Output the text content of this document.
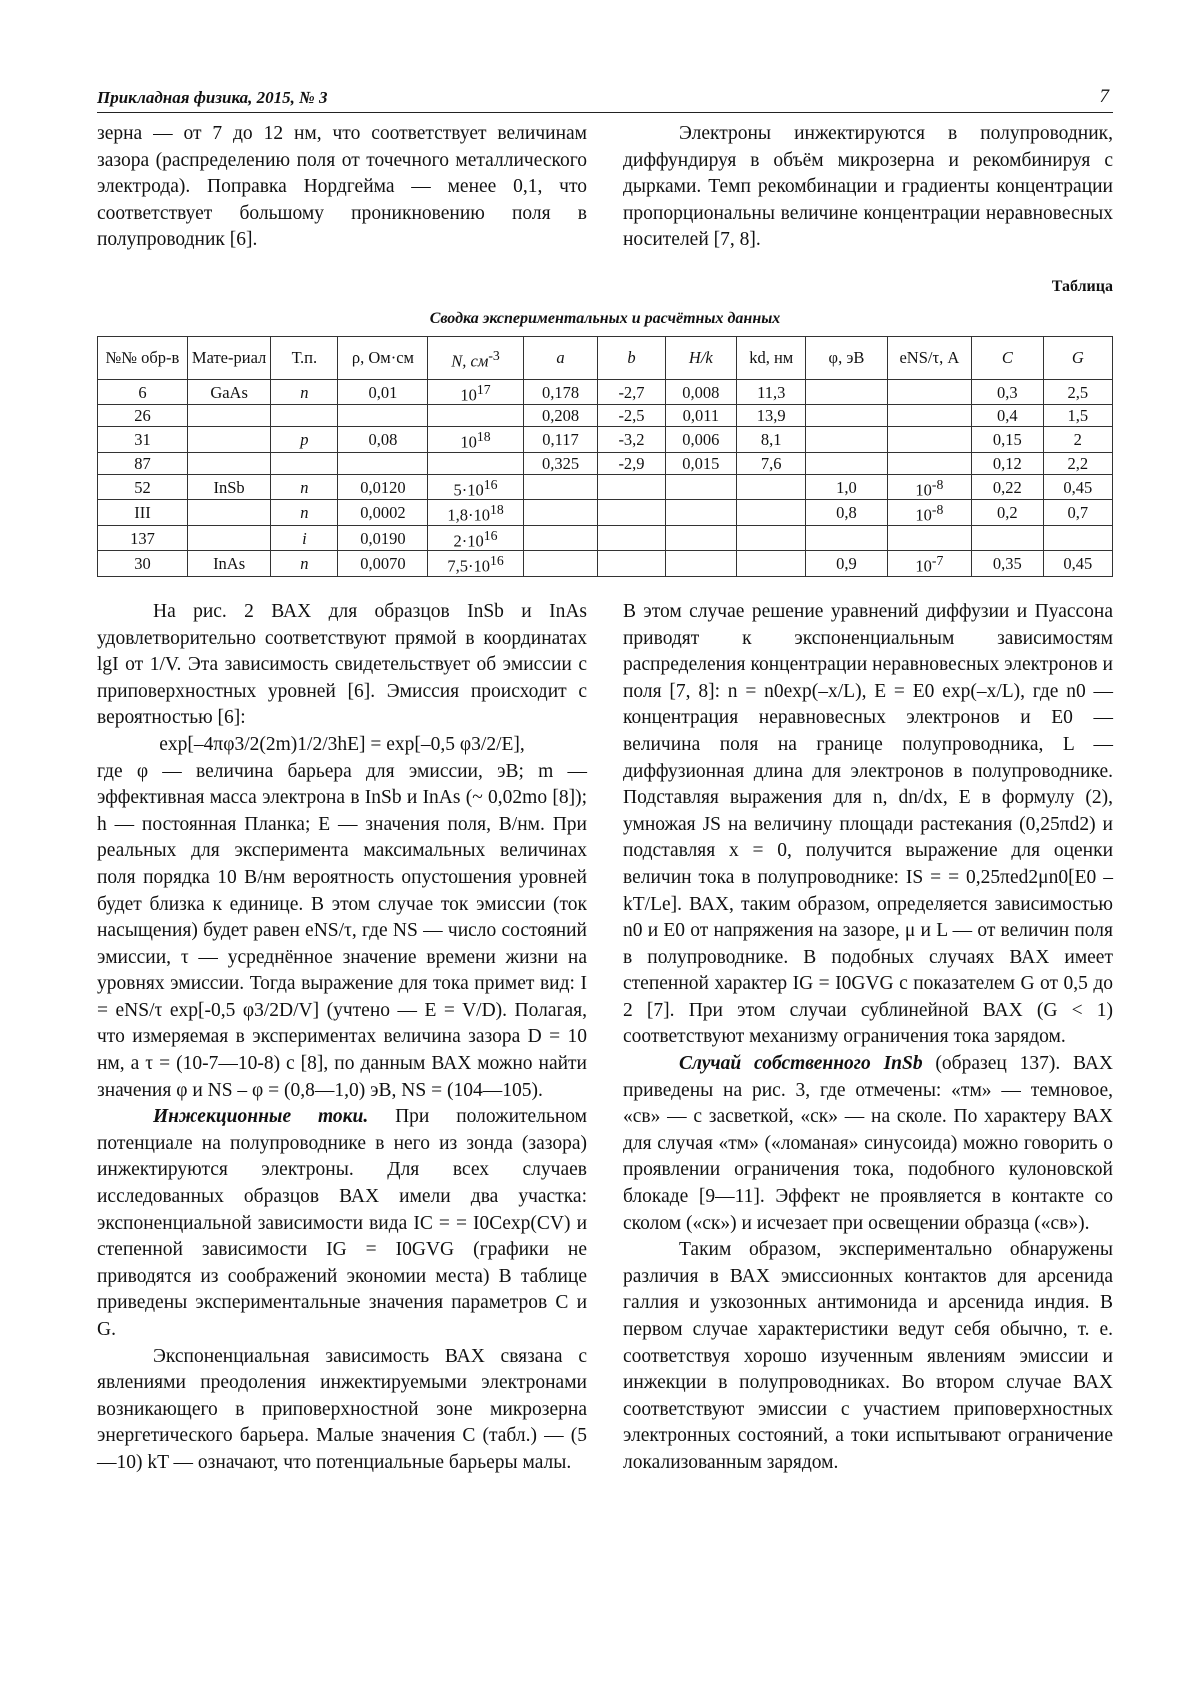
Прикладная физика, 2015, № 3	7

зерна — от 7 до 12 нм, что соответствует величинам зазора (распределению поля от точечного металлического электрода). Поправка Нордгейма — менее 0,1, что соответствует большому проникновению поля в полупроводник [6].

Электроны инжектируются в полупроводник, диффундируя в объём микрозерна и рекомбинируя с дырками. Темп рекомбинации и градиенты концентрации пропорциональны величине концентрации неравновесных носителей [7, 8].

Таблица
Сводка экспериментальных и расчётных данных
№№ обр-в	Мате-риал	Т.п.	ρ, Ом·см	N, $см^{-3}$	a	b	H/k	kd, нм	φ, эВ	eNS/τ, А	C	G
6	GaAs	n	0,01	$10^{17}$	0,178	-2,7	0,008	11,3			0,3	2,5
26					0,208	-2,5	0,011	13,9			0,4	1,5
31		p	0,08	$10^{18}$	0,117	-3,2	0,006	8,1			0,15	2
87					0,325	-2,9	0,015	7,6			0,12	2,2
52	InSb	n	0,0120	$5\cdot 10^{16}$					1,0	$10^{-8}$	0,22	0,45
III		n	0,0002	$1,8\cdot 10^{18}$					0,8	$10^{-8}$	0,2	0,7
137		i	0,0190	$2\cdot 10^{16}$								
30	InAs	n	0,0070	$7,5\cdot 10^{16}$					0,9	$10^{-7}$	0,35	0,45

На рис. 2 ВАХ для образцов InSb и InAs удовлетворительно соответствуют прямой в координатах lgI от 1/V. Эта зависимость свидетельствует об эмиссии с приповерхностных уровней [6]. Эмиссия происходит с вероятностью [6]:

exp[–4πφ3/2(2m)1/2/3hE] = exp[–0,5 φ3/2/E],

где φ — величина барьера для эмиссии, эВ; m — эффективная масса электрона в InSb и InAs (~ 0,02mo [8]); h — постоянная Планка; E — значения поля, В/нм. При реальных для эксперимента максимальных величинах поля порядка 10 В/нм вероятность опустошения уровней будет близка к единице. В этом случае ток эмиссии (ток насыщения) будет равен eNS/τ, где NS — число состояний эмиссии, τ — усреднённое значение времени жизни на уровнях эмиссии. Тогда выражение для тока примет вид: I = eNS/τ exp[-0,5 φ3/2D/V] (учтено — E = V/D). Полагая, что измеряемая в экспериментах величина зазора D = 10 нм, а τ = (10-7—10-8) с [8], по данным ВАХ можно найти значения φ и NS – φ = (0,8—1,0) эВ, NS = (104—105).

Инжекционные токи. При положительном потенциале на полупроводнике в него из зонда (зазора) инжектируются электроны. Для всех случаев исследованных образцов ВАХ имели два участка: экспоненциальной зависимости вида IC = = I0Cexp(CV) и степенной зависимости IG = I0GVG (графики не приводятся из соображений экономии места) В таблице приведены экспериментальные значения параметров C и G.

Экспоненциальная зависимость ВАХ связана с явлениями преодоления инжектируемыми электронами возникающего в приповерхностной зоне микрозерна энергетического барьера. Малые значения C (табл.) — (5—10) kT — означают, что потенциальные барьеры малы.

В этом случае решение уравнений диффузии и Пуассона приводят к экспоненциальным зависимостям распределения концентрации неравновесных электронов и поля [7, 8]: n = n0exp(–x/L), E = E0 exp(–x/L), где n0 — концентрация неравновесных электронов и E0 — величина поля на границе полупроводника, L — диффузионная длина для электронов в полупроводнике. Подставляя выражения для n, dn/dx, E в формулу (2), умножая JS на величину площади растекания (0,25πd2) и подставляя x = 0, получится выражение для оценки величин тока в полупроводнике: IS = = 0,25πed2μn0[E0 – kT/Le]. ВАХ, таким образом, определяется зависимостью n0 и E0 от напряжения на зазоре, μ и L — от величин поля в полупроводнике. В подобных случаях ВАХ имеет степенной характер IG = I0GVG с показателем G от 0,5 до 2 [7]. При этом случаи сублинейной ВАХ (G < 1) соответствуют механизму ограничения тока зарядом.

Случай собственного InSb (образец 137). ВАХ приведены на рис. 3, где отмечены: «тм» — темновое, «св» — с засветкой, «ск» — на сколе. По характеру ВАХ для случая «тм» («ломаная» синусоида) можно говорить о проявлении ограничения тока, подобного кулоновской блокаде [9—11]. Эффект не проявляется в контакте со сколом («ск») и исчезает при освещении образца («св»).

Таким образом, экспериментально обнаружены различия в ВАХ эмиссионных контактов для арсенида галлия и узкозонных антимонида и арсенида индия. В первом случае характеристики ведут себя обычно, т. е. соответствуя хорошо изученным явлениям эмиссии и инжекции в полупроводниках. Во втором случае ВАХ соответствуют эмиссии с участием приповерхностных электронных состояний, а токи испытывают ограничение локализованным зарядом.
